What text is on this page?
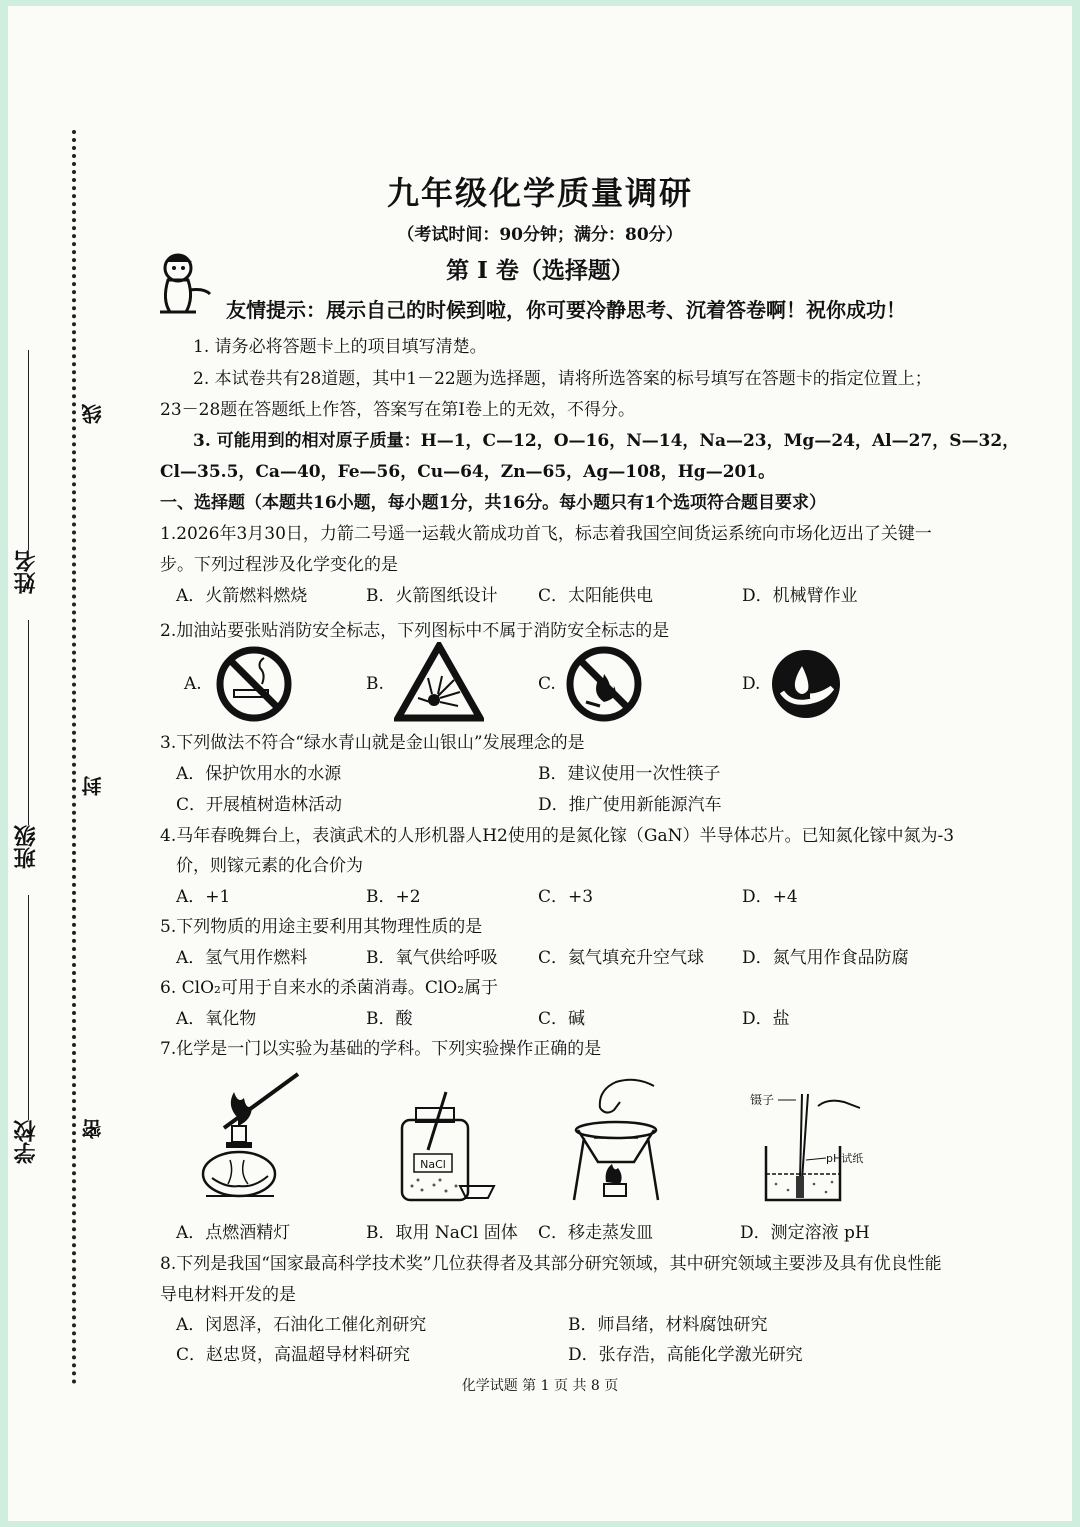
姓名
班级
学校
线
封
密
九年级化学质量调研
（考试时间：90分钟；满分：80分）
第 I 卷（选择题）
友情提示：展示自己的时候到啦，你可要冷静思考、沉着答卷啊！祝你成功！
1. 请务必将答题卡上的项目填写清楚。
2. 本试卷共有28道题，其中1－22题为选择题，请将所选答案的标号填写在答题卡的指定位置上；
23－28题在答题纸上作答，答案写在第Ⅰ卷上的无效，不得分。
3. 可能用到的相对原子质量：H—1，C—12，O—16，N—14，Na—23，Mg—24，Al—27，S—32，
Cl—35.5，Ca—40，Fe—56，Cu—64，Zn—65，Ag—108，Hg—201。
一、选择题（本题共16小题，每小题1分，共16分。每小题只有1个选项符合题目要求）
1.2026年3月30日，力箭二号遥一运载火箭成功首飞，标志着我国空间货运系统向市场化迈出了关键一
步。下列过程涉及化学变化的是
A．火箭燃料燃烧	B．火箭图纸设计 C．太阳能供电	D．机械臂作业
2.加油站要张贴消防安全标志，下列图标中不属于消防安全标志的是
A.	B.	C.	D.
3.下列做法不符合“绿水青山就是金山银山”发展理念的是
A．保护饮用水的水源	B．建议使用一次性筷子
C．开展植树造林活动	D．推广使用新能源汽车
4.马年春晚舞台上，表演武术的人形机器人H2使用的是氮化镓（GaN）半导体芯片。已知氮化镓中氮为-3
价，则镓元素的化合价为
A．+1	B．+2	C．+3	D．+4
5.下列物质的用途主要利用其物理性质的是
A．氢气用作燃料	B．氧气供给呼吸 C．氦气填充升空气球 D．氮气用作食品防腐
6. ClO₂可用于自来水的杀菌消毒。ClO₂属于
A．氧化物	B．酸	C．碱	D．盐
7.化学是一门以实验为基础的学科。下列实验操作正确的是
NaCl
镊子
pH试纸
A．点燃酒精灯	B．取用 NaCl 固体 C．移走蒸发皿	D．测定溶液 pH
8.下列是我国“国家最高科学技术奖”几位获得者及其部分研究领域，其中研究领域主要涉及具有优良性能
导电材料开发的是
A．闵恩泽，石油化工催化剂研究	B．师昌绪，材料腐蚀研究
C．赵忠贤，高温超导材料研究	D．张存浩，高能化学激光研究
化学试题 第 1 页 共 8 页
